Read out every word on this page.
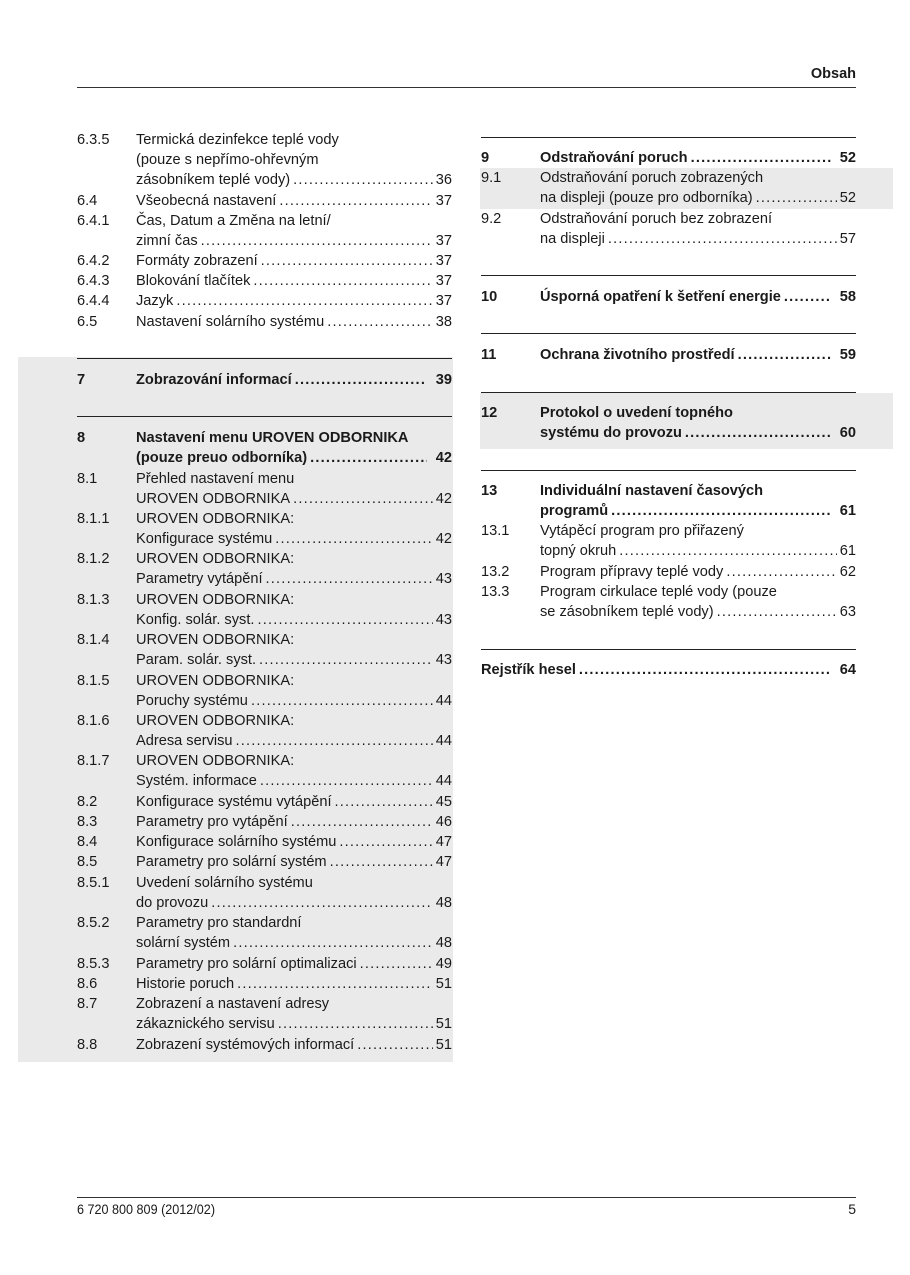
Obsah
6.3.5 Termická dezinfekce teplé vody
(pouze s nepřímo-ohřevným
zásobníkem teplé vody) .....	36
6.4	Všeobecná nastavení .....	37
6.4.1 Čas, Datum a Změna na letní/
zimní čas .....	37
6.4.2 Formáty zobrazení .....	37
6.4.3 Blokování tlačítek .....	37
6.4.4 Jazyk .....	37
6.5	Nastavení solárního systému .....	38
7	Zobrazování informací .....	39
8	Nastavení menu UROVEN ODBORNIKA
(pouze preuo odborníka) .....	42
8.1	Přehled nastavení menu
UROVEN ODBORNIKA .....	42
8.1.1 UROVEN ODBORNIKA:
Konfigurace systému .....	42
8.1.2 UROVEN ODBORNIKA:
Parametry vytápění .....	43
8.1.3 UROVEN ODBORNIKA:
Konfig. solár. syst. .....	43
8.1.4 UROVEN ODBORNIKA:
Param. solár. syst. .....	43
8.1.5 UROVEN ODBORNIKA:
Poruchy systému .....	44
8.1.6 UROVEN ODBORNIKA:
Adresa servisu .....	44
8.1.7 UROVEN ODBORNIKA:
Systém. informace .....	44
8.2	Konfigurace systému vytápění .....	45
8.3	Parametry pro vytápění .....	46
8.4	Konfigurace solárního systému .....	47
8.5	Parametry pro solární systém .....	47
8.5.1 Uvedení solárního systému
do provozu .....	48
8.5.2 Parametry pro standardní
solární systém .....	48
8.5.3 Parametry pro solární optimalizaci .....	49
8.6	Historie poruch .....	51
8.7	Zobrazení a nastavení adresy
zákaznického servisu .....	51
8.8	Zobrazení systémových informací .....	51
9	Odstraňování poruch .....	52
9.1	Odstraňování poruch zobrazených
na displeji (pouze pro odborníka) .....	52
9.2	Odstraňování poruch bez zobrazení
na displeji .....	57
10	Úsporná opatření k šetření energie .....	58
11	Ochrana životního prostředí .....	59
12	Protokol o uvedení topného
systému do provozu .....	60
13	Individuální nastavení časových
programů .....	61
13.1 Vytápěcí program pro přiřazený
topný okruh .....	61
13.2 Program přípravy teplé vody .....	62
13.3 Program cirkulace teplé vody (pouze
se zásobníkem teplé vody) .....	63
Rejstřík hesel .....	64
6 720 800 809 (2012/02)	5
